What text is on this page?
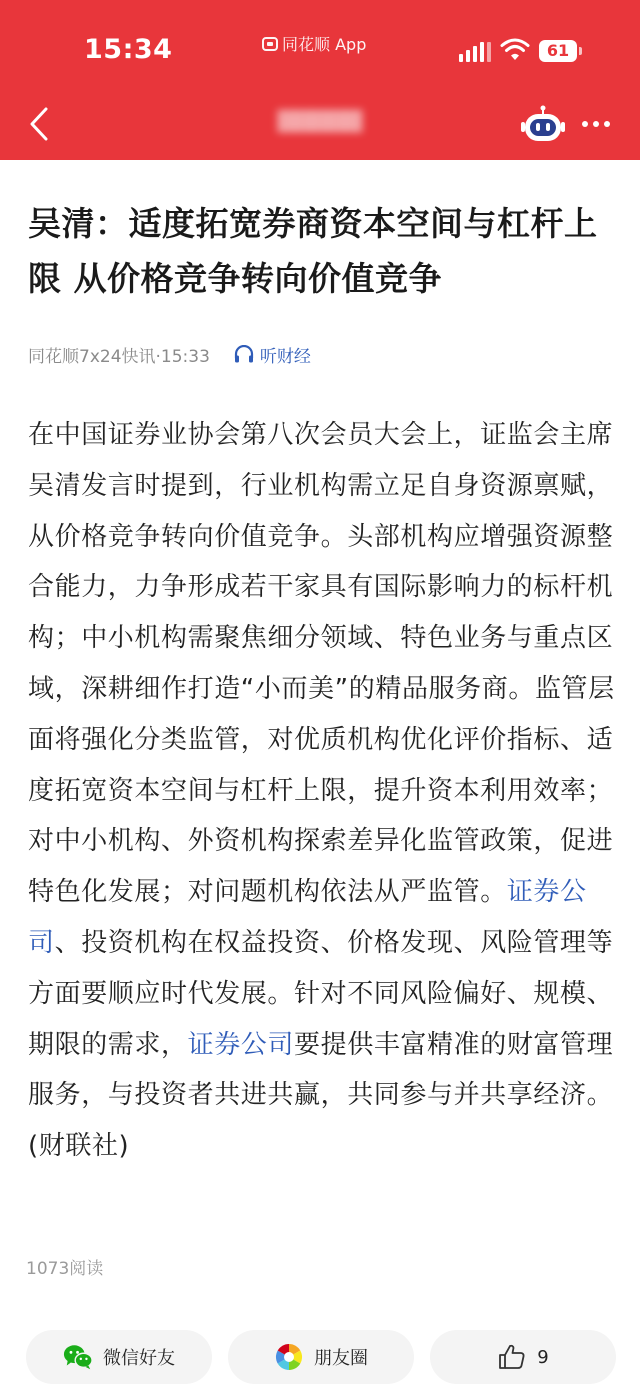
15:34	同花顺 App	61
▇▇▇▇▇
吴清：适度拓宽券商资本空间与杠杆上限 从价格竞争转向价值竞争
同花顺7x24快讯·15:33	听财经
在中国证券业协会第八次会员大会上，证监会主席吴清发言时提到，行业机构需立足自身资源禀赋，从价格竞争转向价值竞争。头部机构应增强资源整合能力，力争形成若干家具有国际影响力的标杆机构；中小机构需聚焦细分领域、特色业务与重点区域，深耕细作打造“小而美”的精品服务商。监管层面将强化分类监管，对优质机构优化评价指标、适度拓宽资本空间与杠杆上限，提升资本利用效率；对中小机构、外资机构探索差异化监管政策，促进特色化发展；对问题机构依法从严监管。证券公司、投资机构在权益投资、价格发现、风险管理等方面要顺应时代发展。针对不同风险偏好、规模、期限的需求，证券公司要提供丰富精准的财富管理服务，与投资者共进共赢，共同参与并共享经济。(财联社)
1073阅读
微信好友	朋友圈	9
